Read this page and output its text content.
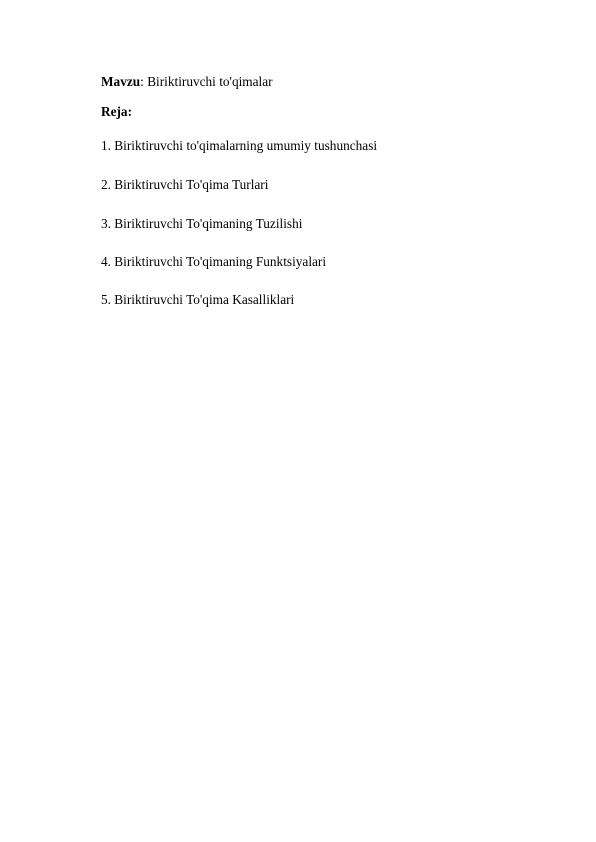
Mavzu: Biriktiruvchi to'qimalar
Reja:
1. Biriktiruvchi to'qimalarning umumiy tushunchasi
2. Biriktiruvchi To'qima Turlari
3. Biriktiruvchi To'qimaning Tuzilishi
4. Biriktiruvchi To'qimaning Funktsiyalari
5. Biriktiruvchi To'qima Kasalliklari
